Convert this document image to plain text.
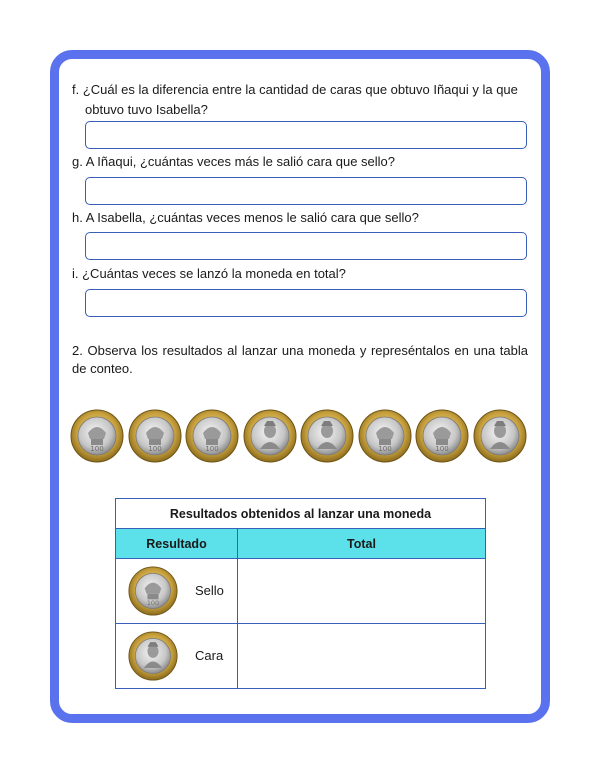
f. ¿Cuál es la diferencia entre la cantidad de caras que obtuvo Iñaqui y la que
obtuvo tuvo Isabella?

g. A Iñaqui, ¿cuántas veces más le salió cara que sello?

h. A Isabella, ¿cuántas veces menos le salió cara que sello?

i. ¿Cuántas veces se lanzó la moneda en total?

2. Observa los resultados al lanzar una moneda y represéntalos en una tabla de conteo.

Resultados obtenidos al lanzar una moneda	
Resultado	Total

Sello	

Cara	
